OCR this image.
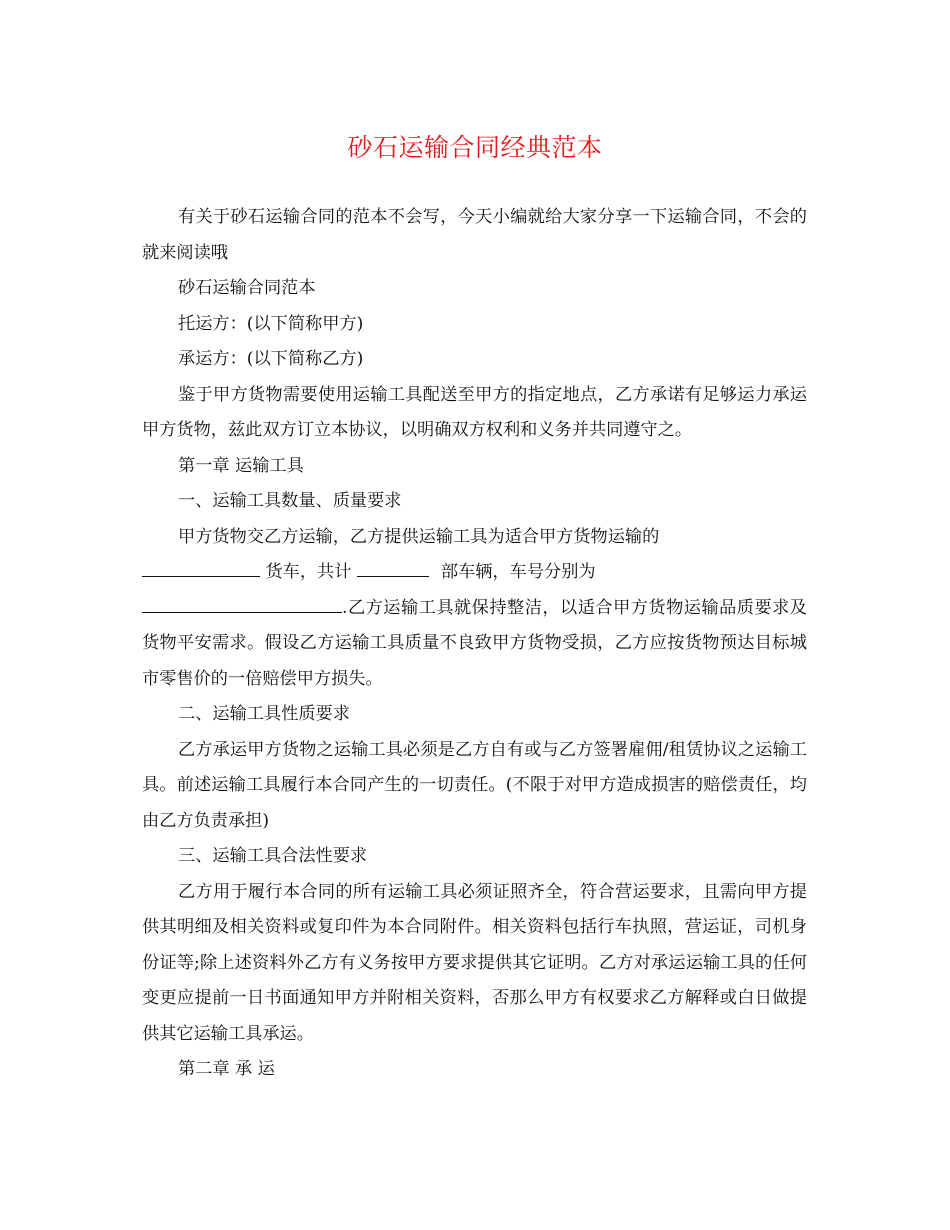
砂石运输合同经典范本

有关于砂石运输合同的范本不会写，今天小编就给大家分享一下运输合同，不会的就来阅读哦

砂石运输合同范本

托运方：(以下简称甲方)

承运方：(以下简称乙方)

鉴于甲方货物需要使用运输工具配送至甲方的指定地点，乙方承诺有足够运力承运甲方货物，兹此双方订立本协议，以明确双方权利和义务并共同遵守之。

第一章 运输工具

一、运输工具数量、质量要求

甲方货物交乙方运输，乙方提供运输工具为适合甲方货物运输的
货车，共计	部车辆，车号分别为
.乙方运输工具就保持整洁，以适合甲方货物运输品质要求及货物平安需求。假设乙方运输工具质量不良致甲方货物受损，乙方应按货物预达目标城市零售价的一倍赔偿甲方损失。

二、运输工具性质要求

乙方承运甲方货物之运输工具必须是乙方自有或与乙方签署雇佣/租赁协议之运输工具。前述运输工具履行本合同产生的一切责任。(不限于对甲方造成损害的赔偿责任，均由乙方负责承担)

三、运输工具合法性要求

乙方用于履行本合同的所有运输工具必须证照齐全，符合营运要求，且需向甲方提供其明细及相关资料或复印件为本合同附件。相关资料包括行车执照，营运证，司机身份证等;除上述资料外乙方有义务按甲方要求提供其它证明。乙方对承运运输工具的任何变更应提前一日书面通知甲方并附相关资料，否那么甲方有权要求乙方解释或白日做提供其它运输工具承运。

第二章 承 运
